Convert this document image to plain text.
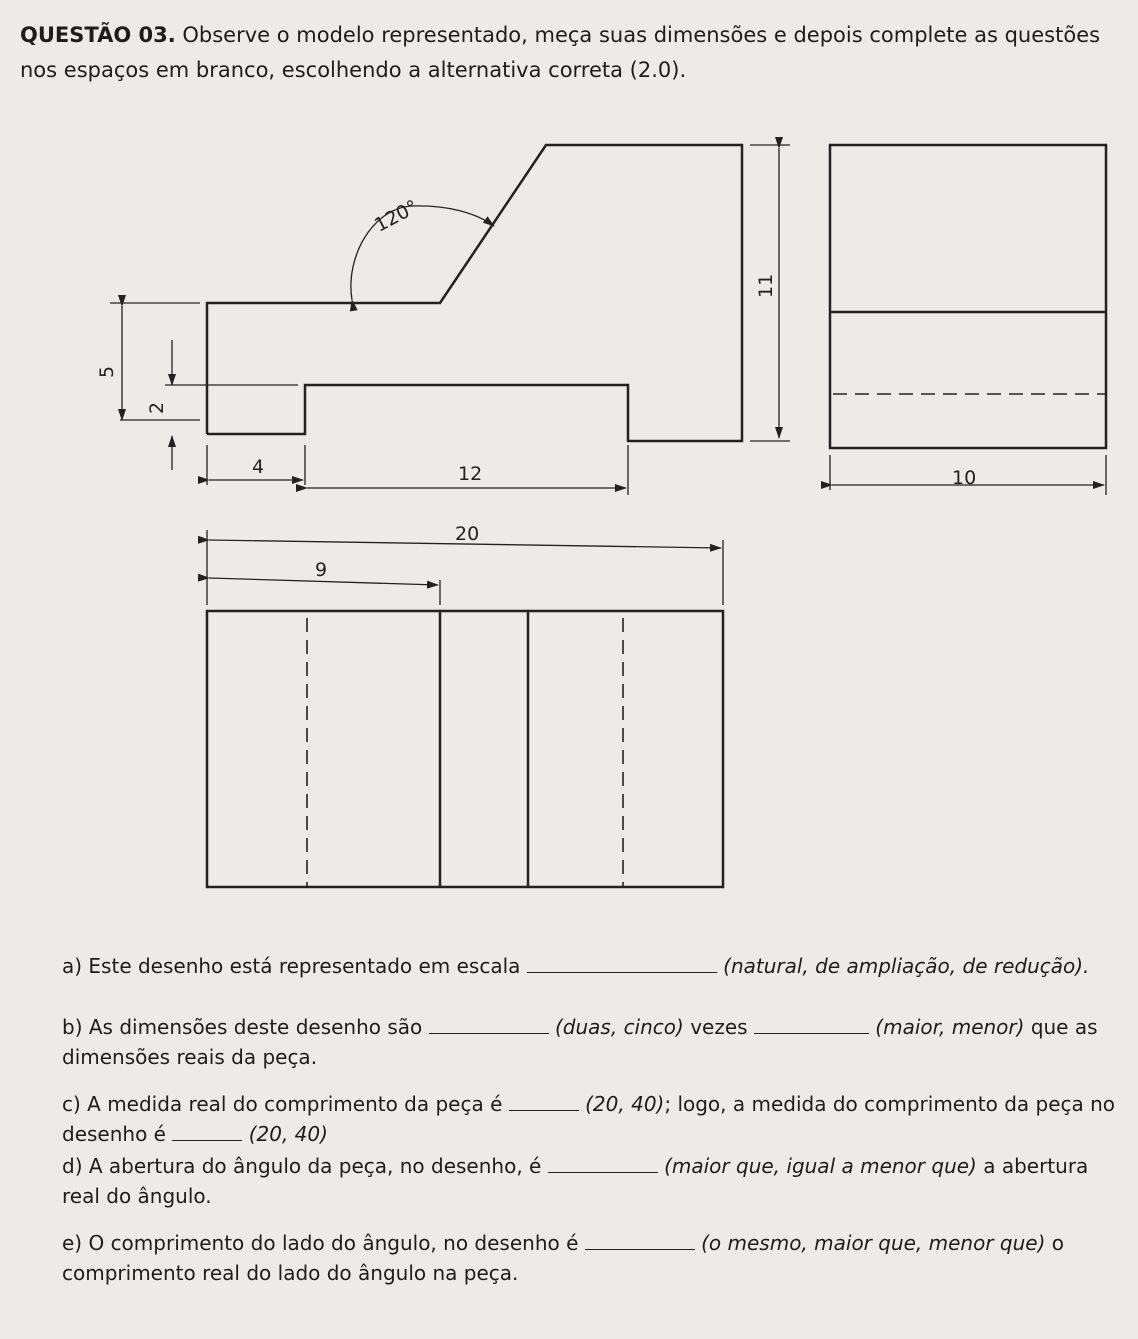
QUESTÃO 03. Observe o modelo representado, meça suas dimensões e depois complete as questões nos espaços em branco, escolhendo a alternativa correta (2.0).
120°
11
5
2
4	12	10
20
9
a) Este desenho está representado em escala	(natural, de ampliação, de redução).
b) As dimensões deste desenho são	(duas, cinco) vezes	(maior, menor) que as dimensões reais da peça.
c) A medida real do comprimento da peça é	(20, 40); logo, a medida do comprimento da peça no desenho é	(20, 40)
d) A abertura do ângulo da peça, no desenho, é	(maior que, igual a menor que) a abertura real do ângulo.
e) O comprimento do lado do ângulo, no desenho é	(o mesmo, maior que, menor que) o comprimento real do lado do ângulo na peça.
